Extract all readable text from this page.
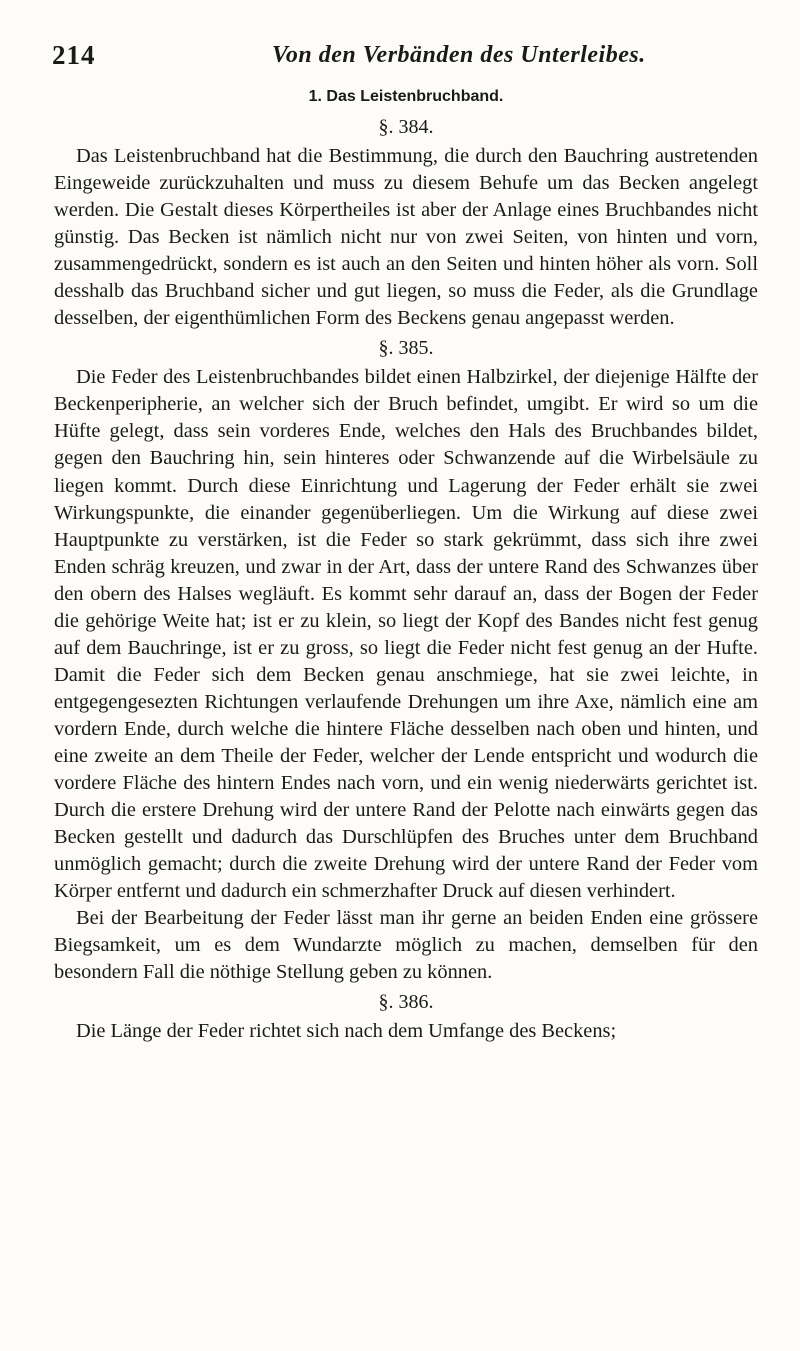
214	Von den Verbänden des Unterleibes.

1. Das Leistenbruchband.

§. 384.

Das Leistenbruchband hat die Bestimmung, die durch den Bauchring austretenden Eingeweide zurückzuhalten und muss zu diesem Behufe um das Becken angelegt werden. Die Gestalt dieses Körpertheiles ist aber der Anlage eines Bruchbandes nicht günstig. Das Becken ist nämlich nicht nur von zwei Seiten, von hinten und vorn, zusammengedrückt, sondern es ist auch an den Seiten und hinten höher als vorn. Soll desshalb das Bruchband sicher und gut liegen, so muss die Feder, als die Grundlage desselben, der eigenthümlichen Form des Beckens genau angepasst werden.

§. 385.

Die Feder des Leistenbruchbandes bildet einen Halbzirkel, der diejenige Hälfte der Beckenperipherie, an welcher sich der Bruch befindet, umgibt. Er wird so um die Hüfte gelegt, dass sein vorderes Ende, welches den Hals des Bruchbandes bildet, gegen den Bauchring hin, sein hinteres oder Schwanzende auf die Wirbelsäule zu liegen kommt. Durch diese Einrichtung und Lagerung der Feder erhält sie zwei Wirkungspunkte, die einander gegenüberliegen. Um die Wirkung auf diese zwei Hauptpunkte zu verstärken, ist die Feder so stark gekrümmt, dass sich ihre zwei Enden schräg kreuzen, und zwar in der Art, dass der untere Rand des Schwanzes über den obern des Halses wegläuft. Es kommt sehr darauf an, dass der Bogen der Feder die gehörige Weite hat; ist er zu klein, so liegt der Kopf des Bandes nicht fest genug auf dem Bauchringe, ist er zu gross, so liegt die Feder nicht fest genug an der Hufte. Damit die Feder sich dem Becken genau anschmiege, hat sie zwei leichte, in entgegengesezten Richtungen verlaufende Drehungen um ihre Axe, nämlich eine am vordern Ende, durch welche die hintere Fläche desselben nach oben und hinten, und eine zweite an dem Theile der Feder, welcher der Lende entspricht und wodurch die vordere Fläche des hintern Endes nach vorn, und ein wenig niederwärts gerichtet ist. Durch die erstere Drehung wird der untere Rand der Pelotte nach einwärts gegen das Becken gestellt und dadurch das Durschlüpfen des Bruches unter dem Bruchband unmöglich gemacht; durch die zweite Drehung wird der untere Rand der Feder vom Körper entfernt und dadurch ein schmerzhafter Druck auf diesen verhindert.

Bei der Bearbeitung der Feder lässt man ihr gerne an beiden Enden eine grössere Biegsamkeit, um es dem Wundarzte möglich zu machen, demselben für den besondern Fall die nöthige Stellung geben zu können.

§. 386.

Die Länge der Feder richtet sich nach dem Umfange des Beckens;
